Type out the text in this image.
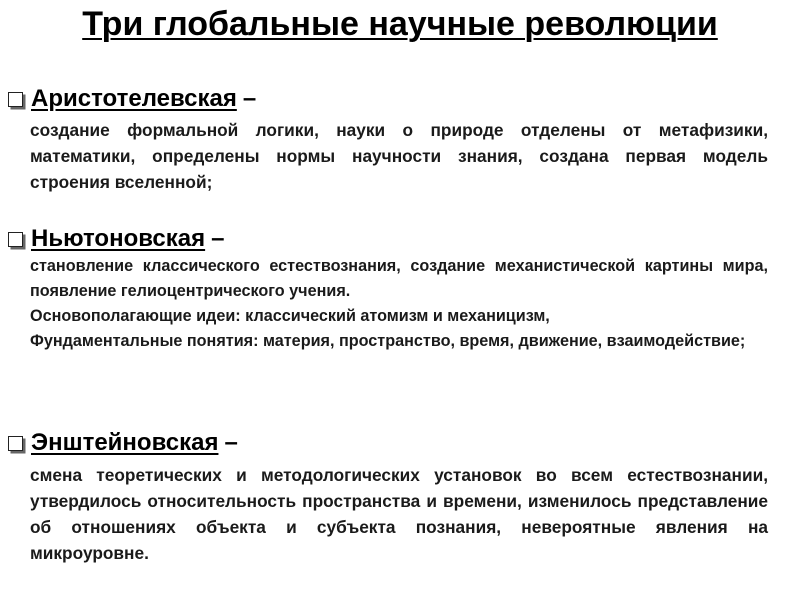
Три глобальные научные революции
Аристотелевская –

создание формальной логики, науки о природе отделены от метафизики, математики, определены нормы научности знания, создана первая модель строения вселенной;

Ньютоновская –

становление классического естествознания, создание механистической картины мира, появление гелиоцентрического учения.

Основополагающие идеи: классический атомизм и механицизм,

Фундаментальные понятия: материя, пространство, время, движение, взаимодействие;

Энштейновская –

смена теоретических и методологических установок во всем естествознании, утвердилось относительность пространства и времени, изменилось представление об отношениях объекта и субъекта познания, невероятные явления на микроуровне.
